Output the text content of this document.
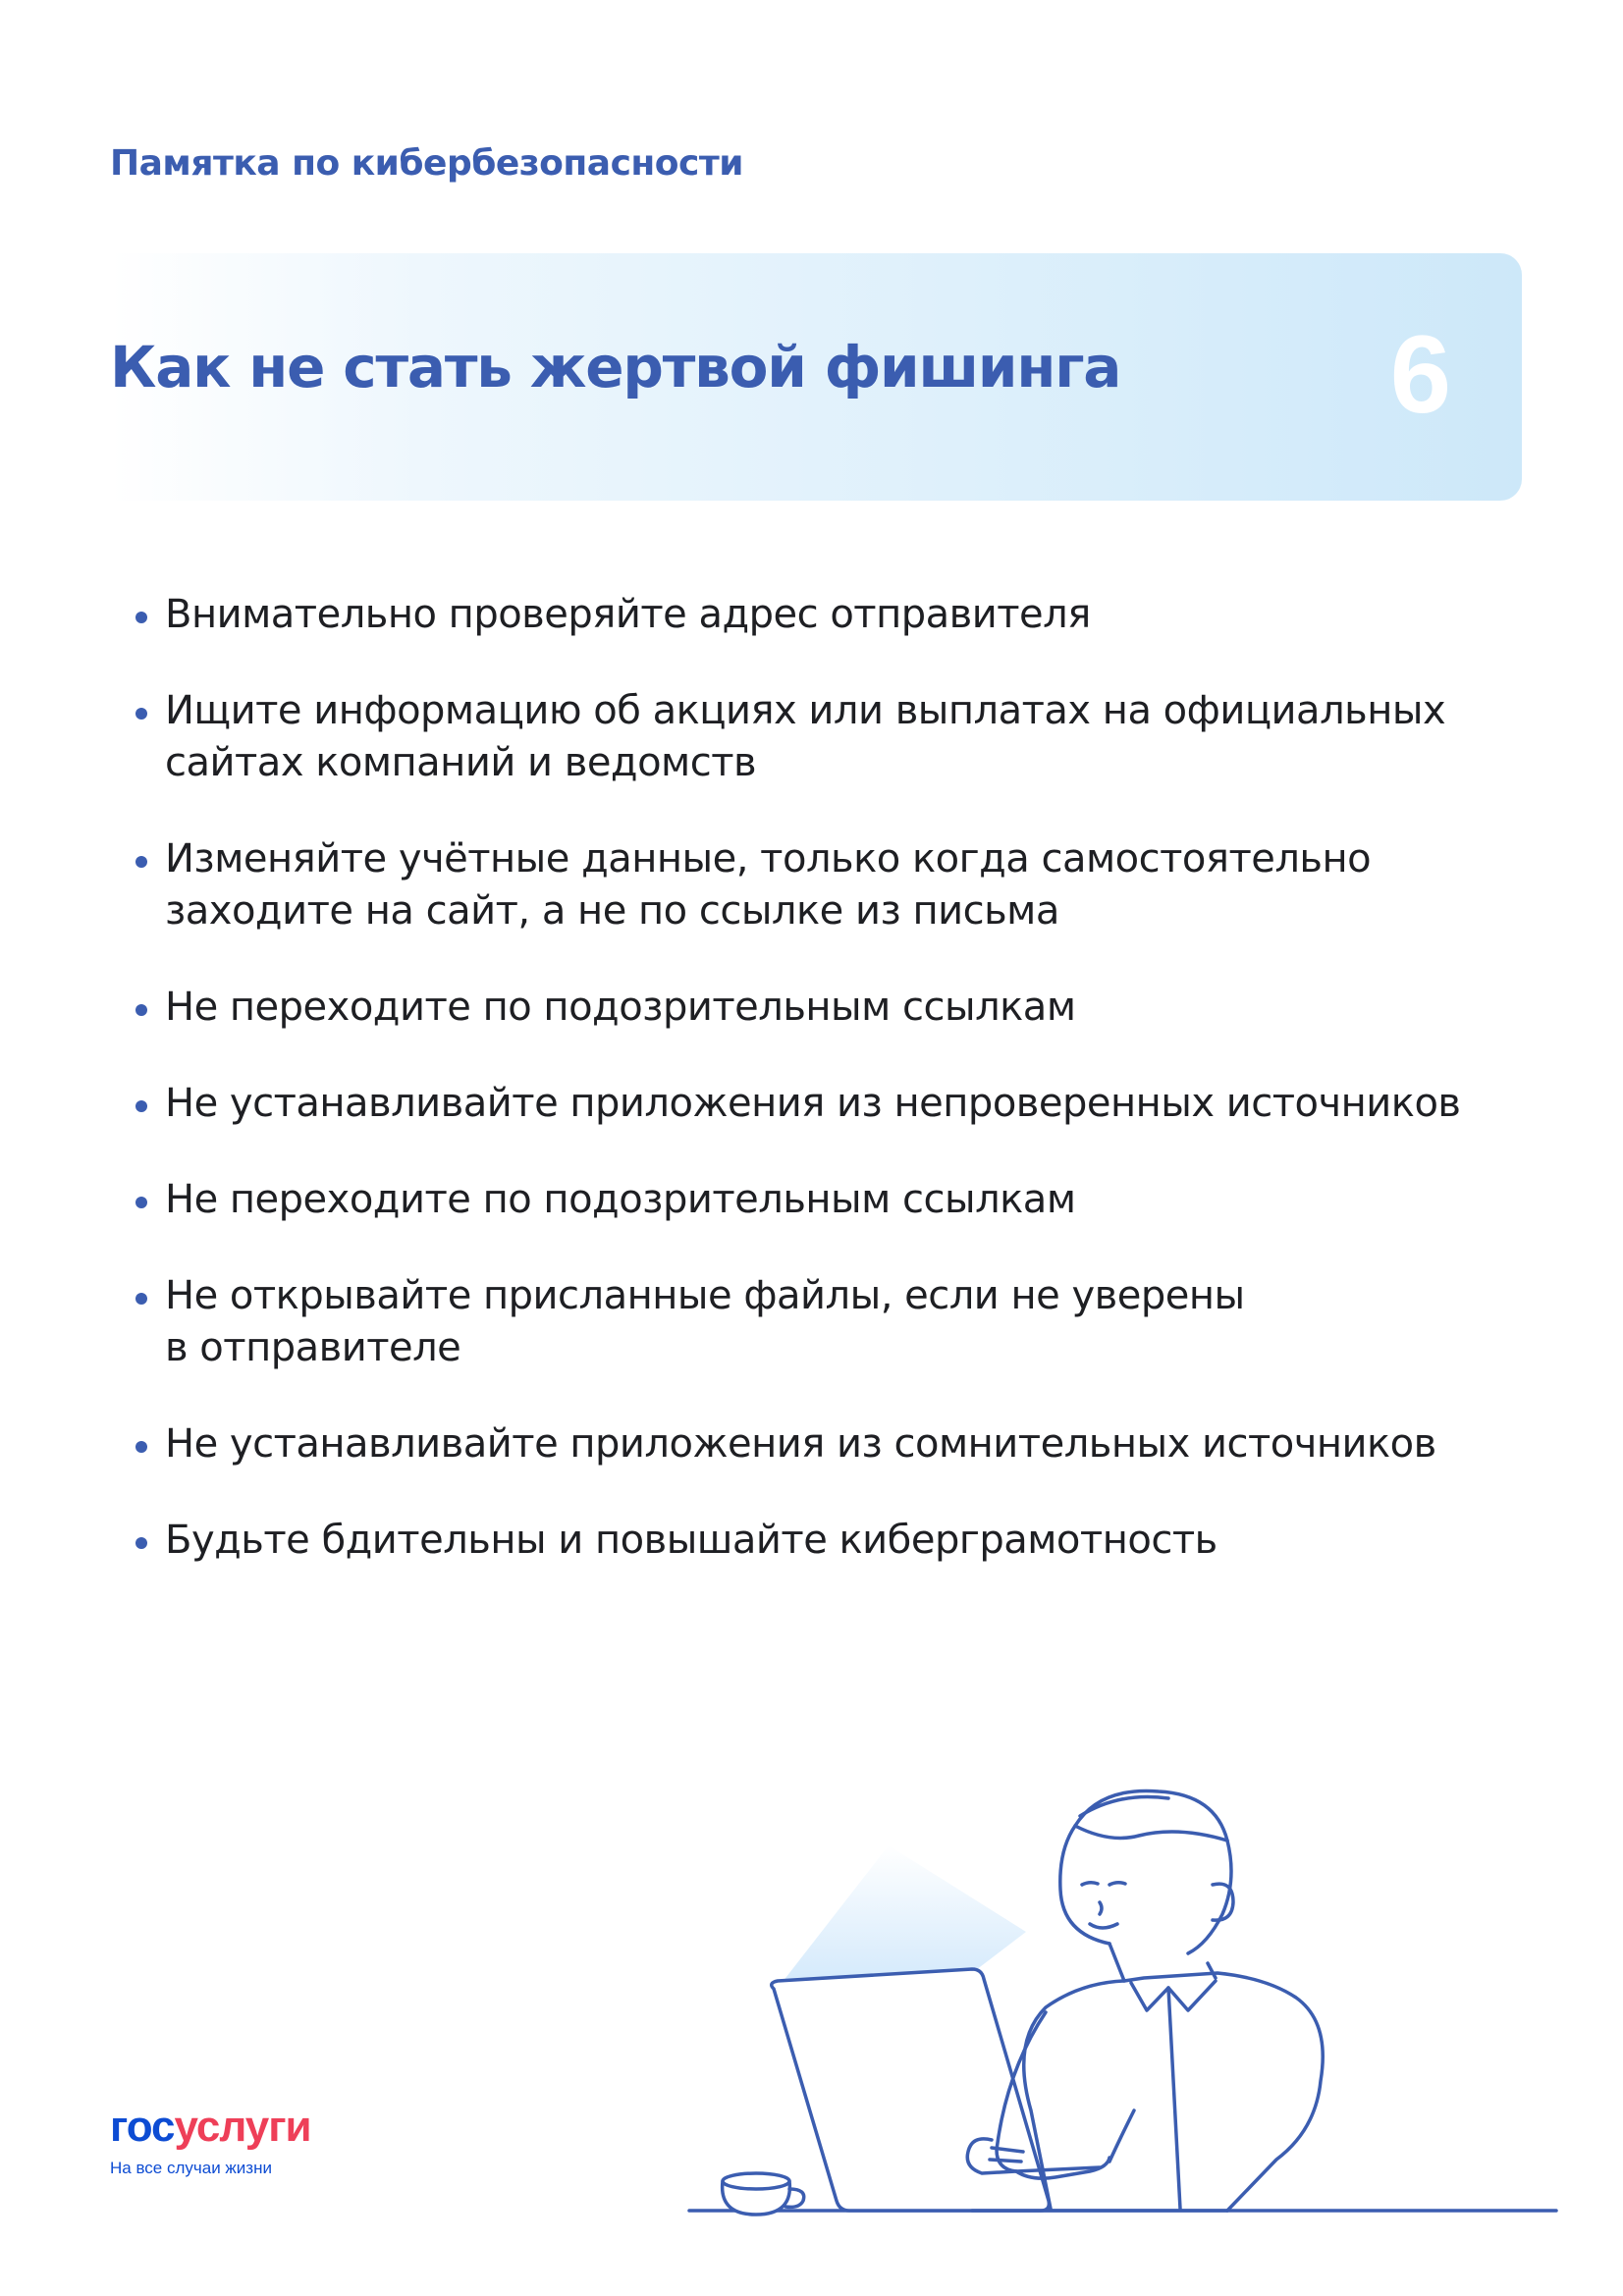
Памятка по кибербезопасности
Как не стать жертвой фишинга 6
Внимательно проверяйте адрес отправителя
Ищите информацию об акциях или выплатах на официальных
сайтах компаний и ведомств
Изменяйте учётные данные, только когда самостоятельно
заходите на сайт, а не по ссылке из письма
Не переходите по подозрительным ссылкам
Не устанавливайте приложения из непроверенных источников
Не переходите по подозрительным ссылкам
Не открывайте присланные файлы, если не уверены
в отправителе
Не устанавливайте приложения из сомнительных источников
Будьте бдительны и повышайте киберграмотность
госуслуги
На все случаи жизни
